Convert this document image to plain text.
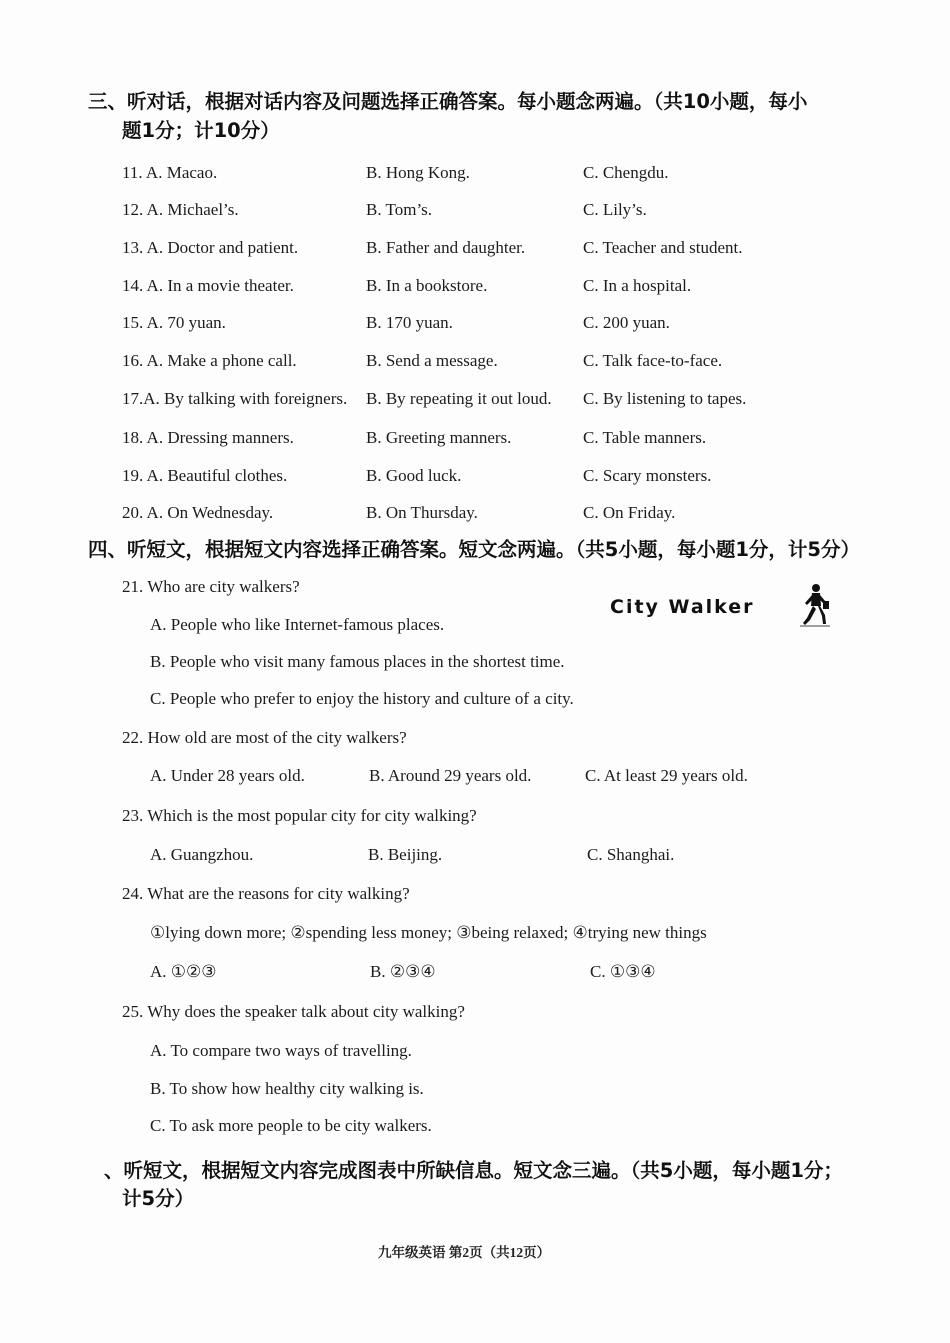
三、听对话，根据对话内容及问题选择正确答案。每小题念两遍。（共10小题，每小
题1分；计10分）
11. A. Macao.	B. Hong Kong.	C. Chengdu.
12. A. Michael’s.	B. Tom’s.	C. Lily’s.
13. A. Doctor and patient.	B. Father and daughter.	C. Teacher and student.
14. A. In a movie theater.	B. In a bookstore.	C. In a hospital.
15. A. 70 yuan.	B. 170 yuan.	C. 200 yuan.
16. A. Make a phone call.	B. Send a message.	C. Talk face-to-face.
17.A. By talking with foreigners. B. By repeating it out loud. C. By listening to tapes.
18. A. Dressing manners.	B. Greeting manners.	C. Table manners.
19. A. Beautiful clothes.	B. Good luck.	C. Scary monsters.
20. A. On Wednesday.	B. On Thursday.	C. On Friday.
四、听短文，根据短文内容选择正确答案。短文念两遍。（共5小题，每小题1分，计5分）
City Walker
21. Who are city walkers?
A. People who like Internet-famous places.
B. People who visit many famous places in the shortest time.
C. People who prefer to enjoy the history and culture of a city.
22. How old are most of the city walkers?
A. Under 28 years old.	B. Around 29 years old.	C. At least 29 years old.
23. Which is the most popular city for city walking?
A. Guangzhou.	B. Beijing.	C. Shanghai.
24. What are the reasons for city walking?
①lying down more; ②spending less money; ③being relaxed; ④trying new things
A. ①②③	B. ②③④	C. ①③④
25. Why does the speaker talk about city walking?
A. To compare two ways of travelling.
B. To show how healthy city walking is.
C. To ask more people to be city walkers.
、听短文，根据短文内容完成图表中所缺信息。短文念三遍。（共5小题，每小题1分；
计5分）
九年级英语 第2页（共12页）
